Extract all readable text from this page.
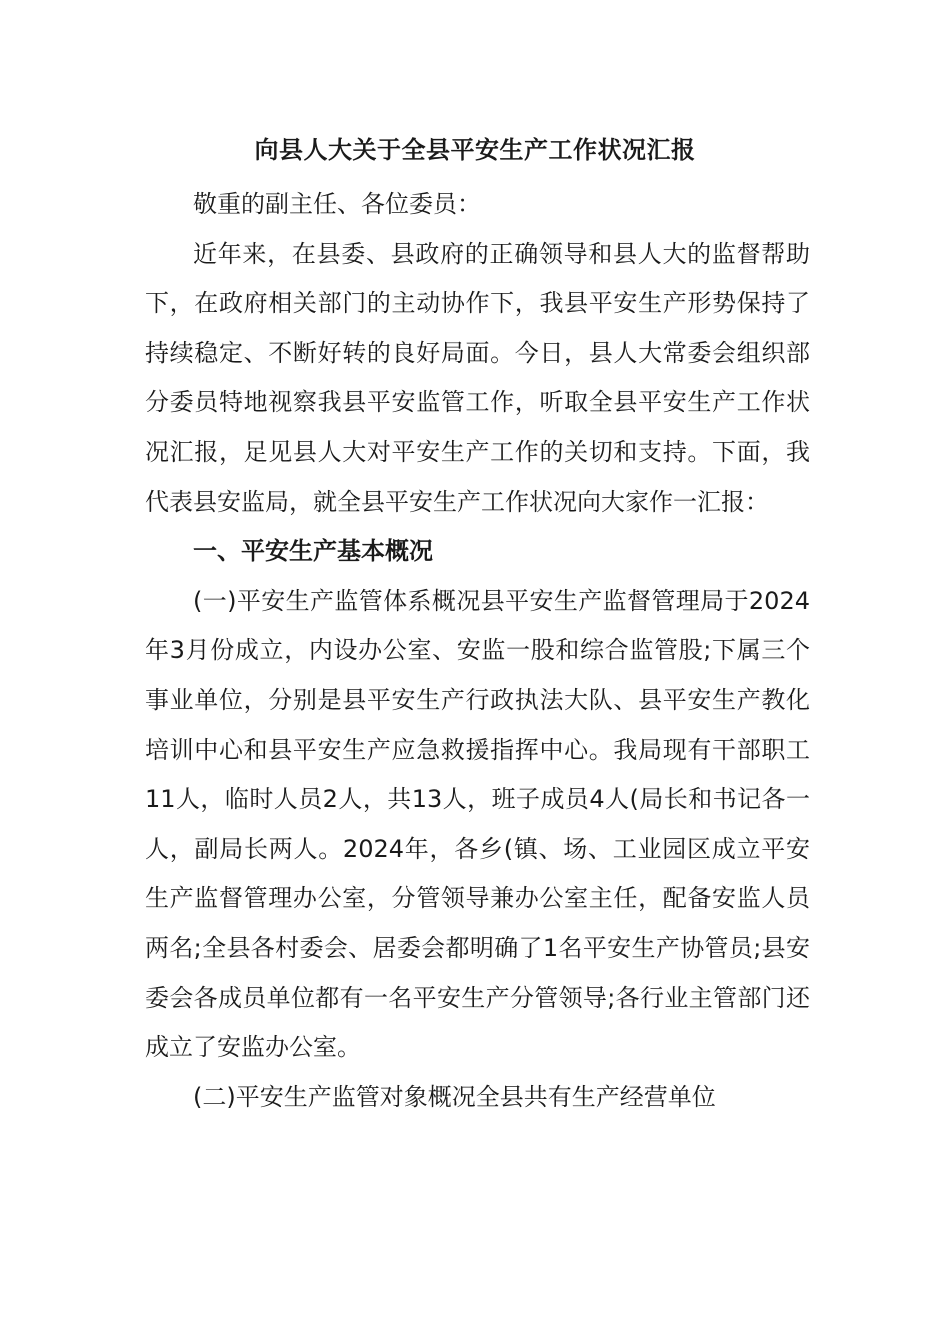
向县人大关于全县平安生产工作状况汇报

敬重的副主任、各位委员：

近年来，在县委、县政府的正确领导和县人大的监督帮助下，在政府相关部门的主动协作下，我县平安生产形势保持了持续稳定、不断好转的良好局面。今日，县人大常委会组织部分委员特地视察我县平安监管工作，听取全县平安生产工作状况汇报，足见县人大对平安生产工作的关切和支持。下面，我代表县安监局，就全县平安生产工作状况向大家作一汇报：

一、平安生产基本概况

(一)平安生产监管体系概况县平安生产监督管理局于2024年3月份成立，内设办公室、安监一股和综合监管股;下属三个事业单位，分别是县平安生产行政执法大队、县平安生产教化培训中心和县平安生产应急救援指挥中心。我局现有干部职工11人，临时人员2人，共13人，班子成员4人(局长和书记各一人，副局长两人。2024年，各乡(镇、场、工业园区成立平安生产监督管理办公室，分管领导兼办公室主任，配备安监人员两名;全县各村委会、居委会都明确了1名平安生产协管员;县安委会各成员单位都有一名平安生产分管领导;各行业主管部门还成立了安监办公室。

(二)平安生产监管对象概况全县共有生产经营单位
